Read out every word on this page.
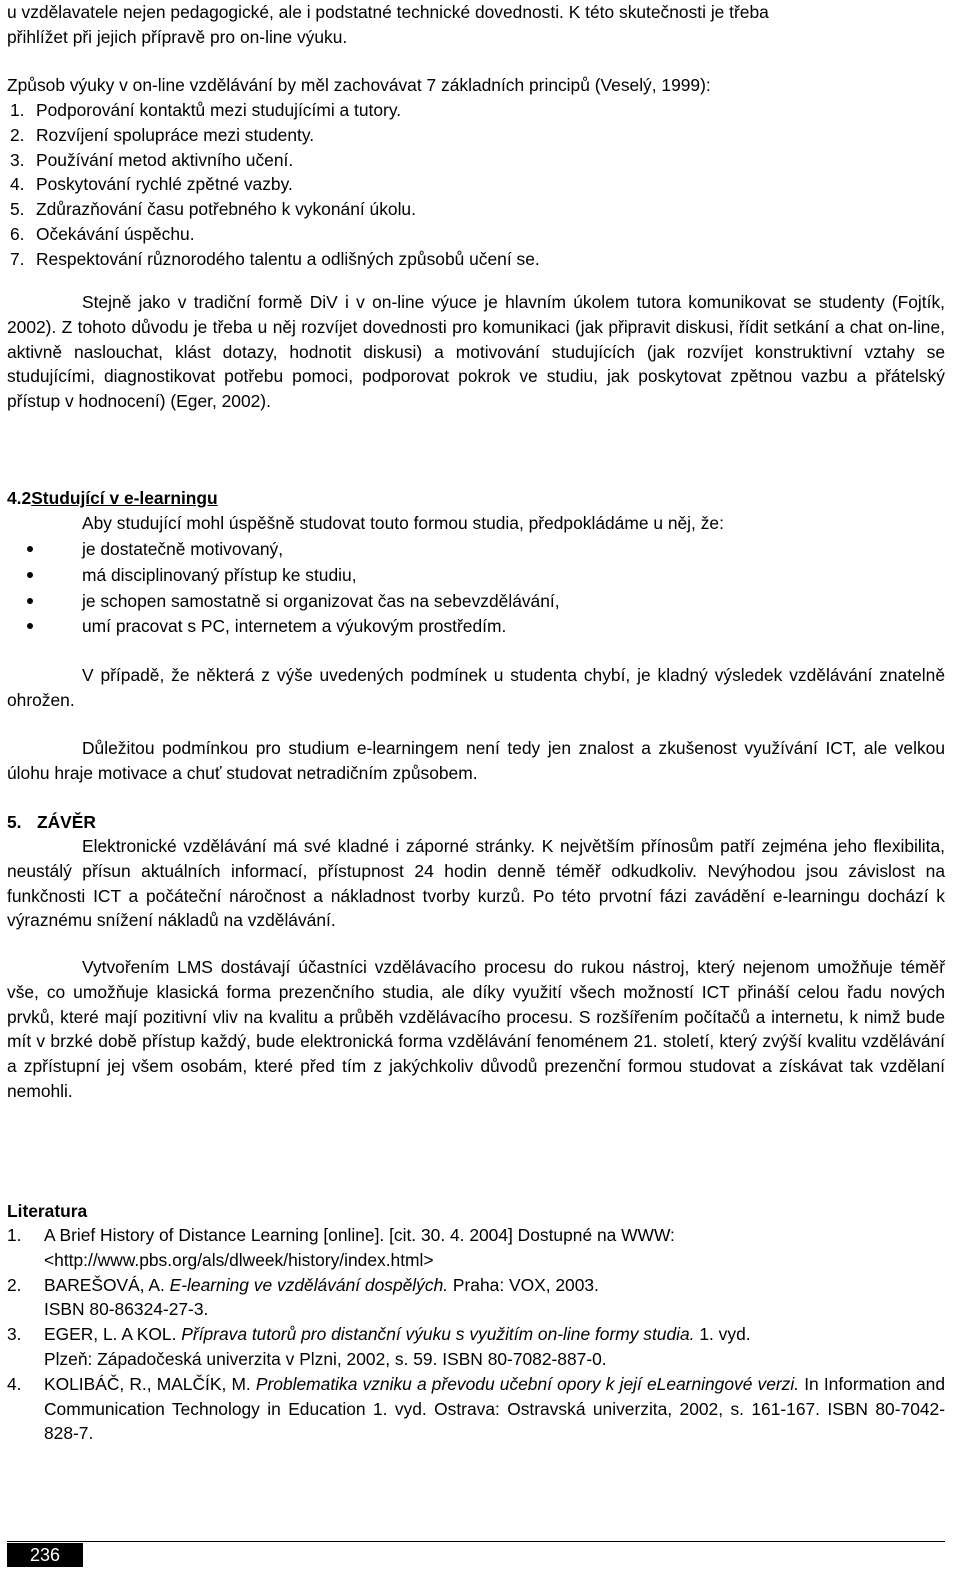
u vzdělavatele nejen pedagogické, ale i podstatné technické dovednosti. K této skutečnosti je třeba
přihlížet při jejich přípravě pro on-line výuku.
Způsob výuky v on-line vzdělávání by měl zachovávat 7 základních principů (Veselý, 1999):
1. Podporování kontaktů mezi studujícími a tutory.
2. Rozvíjení spolupráce mezi studenty.
3. Používání metod aktivního učení.
4. Poskytování rychlé zpětné vazby.
5. Zdůrazňování času potřebného k vykonání úkolu.
6. Očekávání úspěchu.
7. Respektování různorodého talentu a odlišných způsobů učení se.

Stejně jako v tradiční formě DiV i v on-line výuce je hlavním úkolem tutora komunikovat se studenty (Fojtík, 2002). Z tohoto důvodu je třeba u něj rozvíjet dovednosti pro komunikaci (jak připravit diskusi, řídit setkání a chat on-line, aktivně naslouchat, klást dotazy, hodnotit diskusi) a motivování studujících (jak rozvíjet konstruktivní vztahy se studujícími, diagnostikovat potřebu pomoci, podporovat pokrok ve studiu, jak poskytovat zpětnou vazbu a přátelský přístup v hodnocení) (Eger, 2002).

4.2Studující v e-learningu
Aby studující mohl úspěšně studovat touto formou studia, předpokládáme u něj, že:
je dostatečně motivovaný,
má disciplinovaný přístup ke studiu,
je schopen samostatně si organizovat čas na sebevzdělávání,
umí pracovat s PC, internetem a výukovým prostředím.

V případě, že některá z výše uvedených podmínek u studenta chybí, je kladný výsledek vzdělávání znatelně ohrožen.

Důležitou podmínkou pro studium e-learningem není tedy jen znalost a zkušenost využívání ICT, ale velkou úlohu hraje motivace a chuť studovat netradičním způsobem.

5. ZÁVĚR

Elektronické vzdělávání má své kladné i záporné stránky. K největším přínosům patří zejména jeho flexibilita, neustálý přísun aktuálních informací, přístupnost 24 hodin denně téměř odkudkoliv. Nevýhodou jsou závislost na funkčnosti ICT a počáteční náročnost a nákladnost tvorby kurzů. Po této prvotní fázi zavádění e-learningu dochází k výraznému snížení nákladů na vzdělávání.

Vytvořením LMS dostávají účastníci vzdělávacího procesu do rukou nástroj, který nejenom umožňuje téměř vše, co umožňuje klasická forma prezenčního studia, ale díky využití všech možností ICT přináší celou řadu nových prvků, které mají pozitivní vliv na kvalitu a průběh vzdělávacího procesu. S rozšířením počítačů a internetu, k nimž bude mít v brzké době přístup každý, bude elektronická forma vzdělávání fenoménem 21. století, který zvýší kvalitu vzdělávání a zpřístupní jej všem osobám, které před tím z jakýchkoliv důvodů prezenční formou studovat a získávat tak vzdělaní nemohli.

Literatura
1.	A Brief History of Distance Learning [online]. [cit. 30. 4. 2004] Dostupné na WWW:
<http://www.pbs.org/als/dlweek/history/index.html>
2.	BAREŠOVÁ, A. E-learning ve vzdělávání dospělých. Praha: VOX, 2003.
ISBN 80-86324-27-3.
3.	EGER, L. A KOL. Příprava tutorů pro distanční výuku s využitím on-line formy studia. 1. vyd.
Plzeň: Západočeská univerzita v Plzni, 2002, s. 59. ISBN 80-7082-887-0.
4.	KOLIBÁČ, R., MALČÍK, M. Problematika vzniku a převodu učební opory k její eLearningové verzi. In Information and Communication Technology in Education 1. vyd. Ostrava: Ostravská univerzita, 2002, s. 161-167. ISBN 80-7042-828-7.
236
